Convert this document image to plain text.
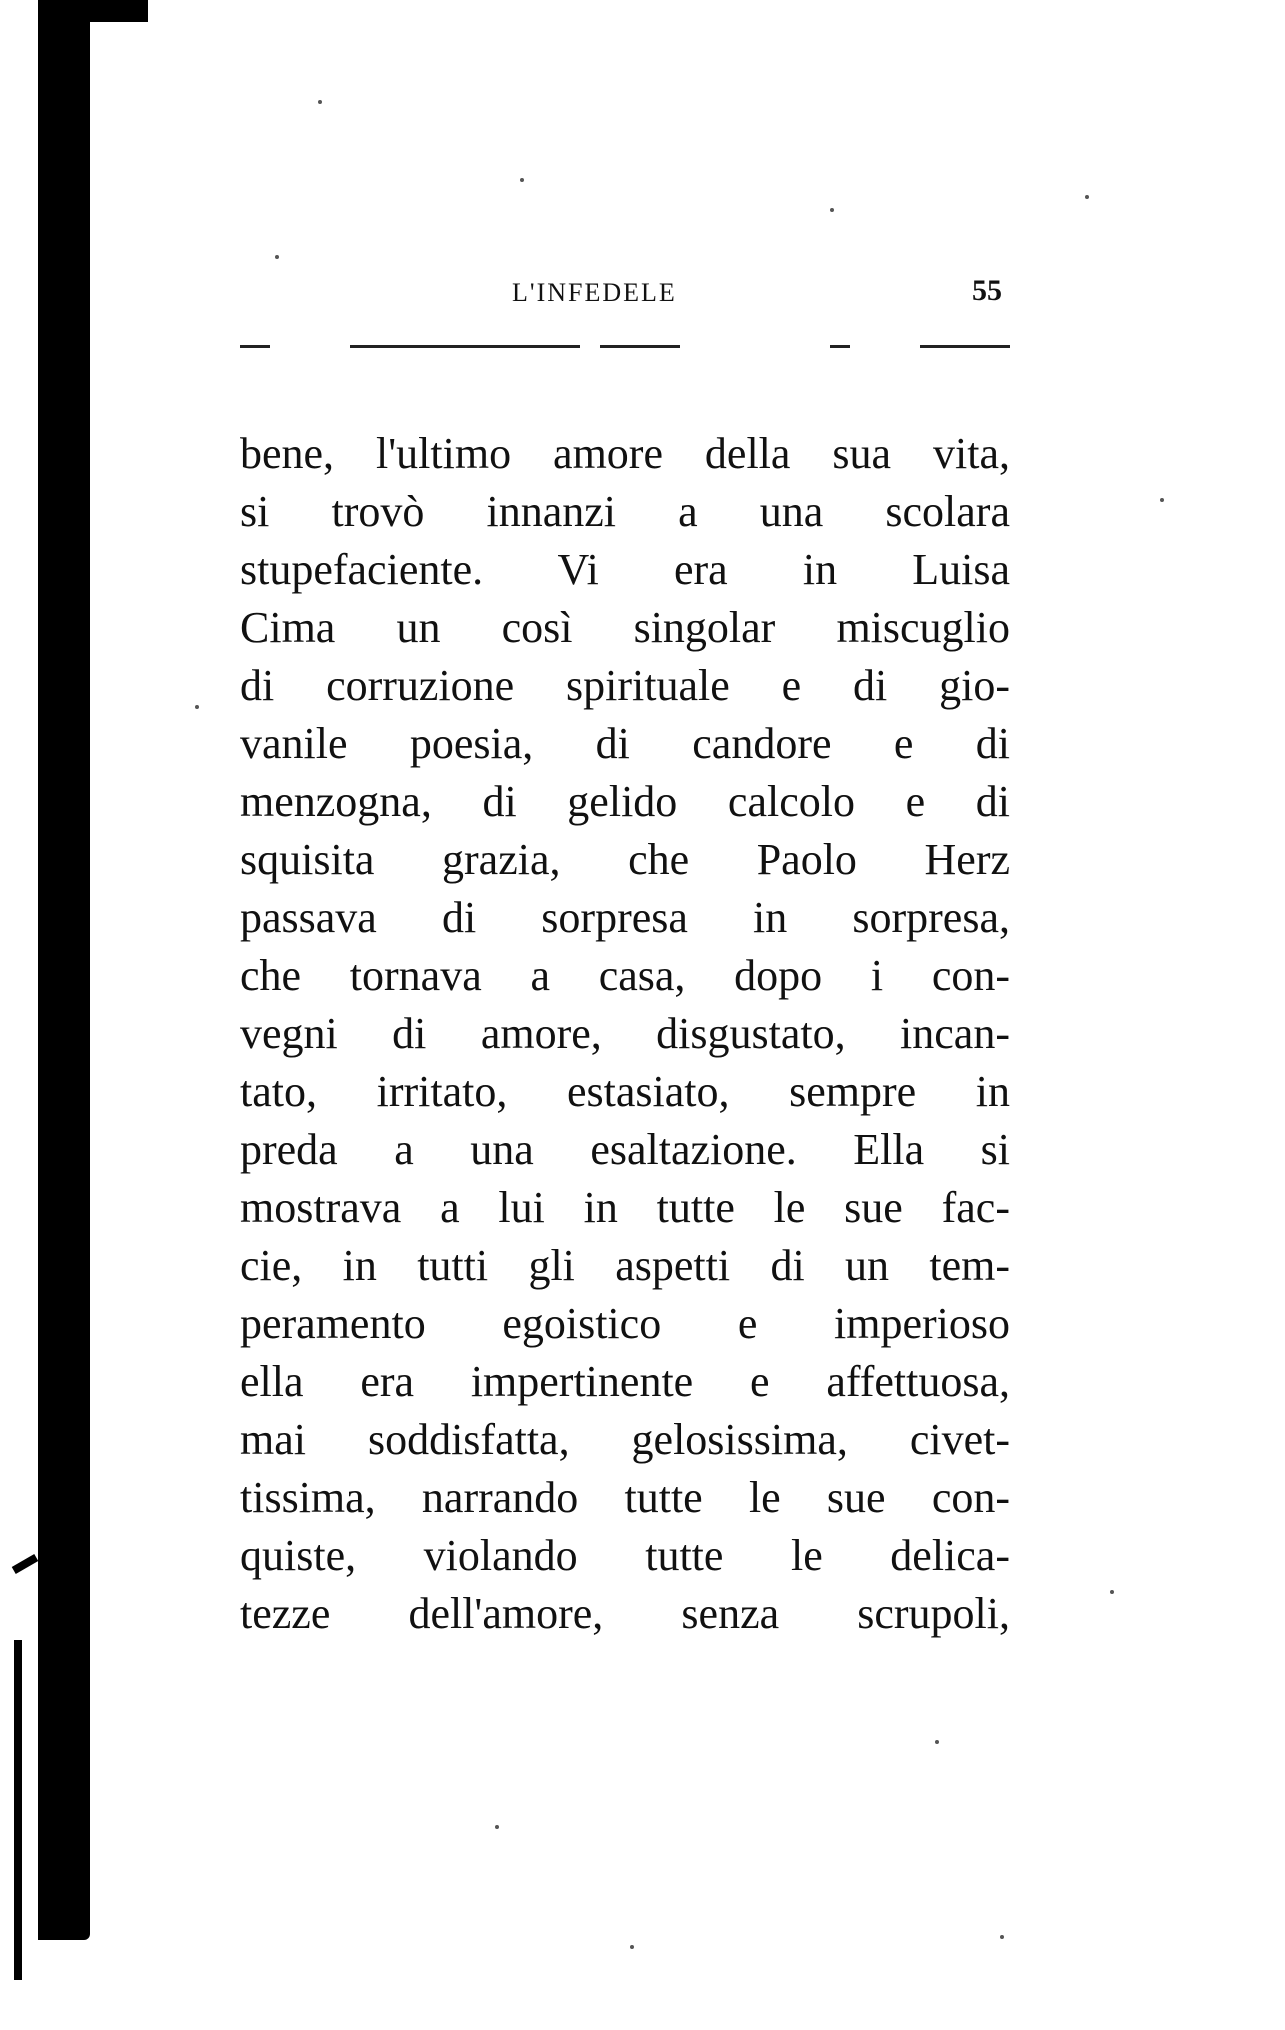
L'INFEDELE	55
bene, l'ultimo amore della sua vita,
si trovò innanzi a una scolara
stupefaciente. Vi era in Luisa
Cima un così singolar miscuglio
di corruzione spirituale e di gio-
vanile poesia, di candore e di
menzogna, di gelido calcolo e di
squisita grazia, che Paolo Herz
passava di sorpresa in sorpresa,
che tornava a casa, dopo i con-
vegni di amore, disgustato, incan-
tato, irritato, estasiato, sempre in
preda a una esaltazione. Ella si
mostrava a lui in tutte le sue fac-
cie, in tutti gli aspetti di un tem-
peramento egoistico e imperioso
ella era impertinente e affettuosa,
mai soddisfatta, gelosissima, civet-
tissima, narrando tutte le sue con-
quiste, violando tutte le delica-
tezze dell'amore, senza scrupoli,
